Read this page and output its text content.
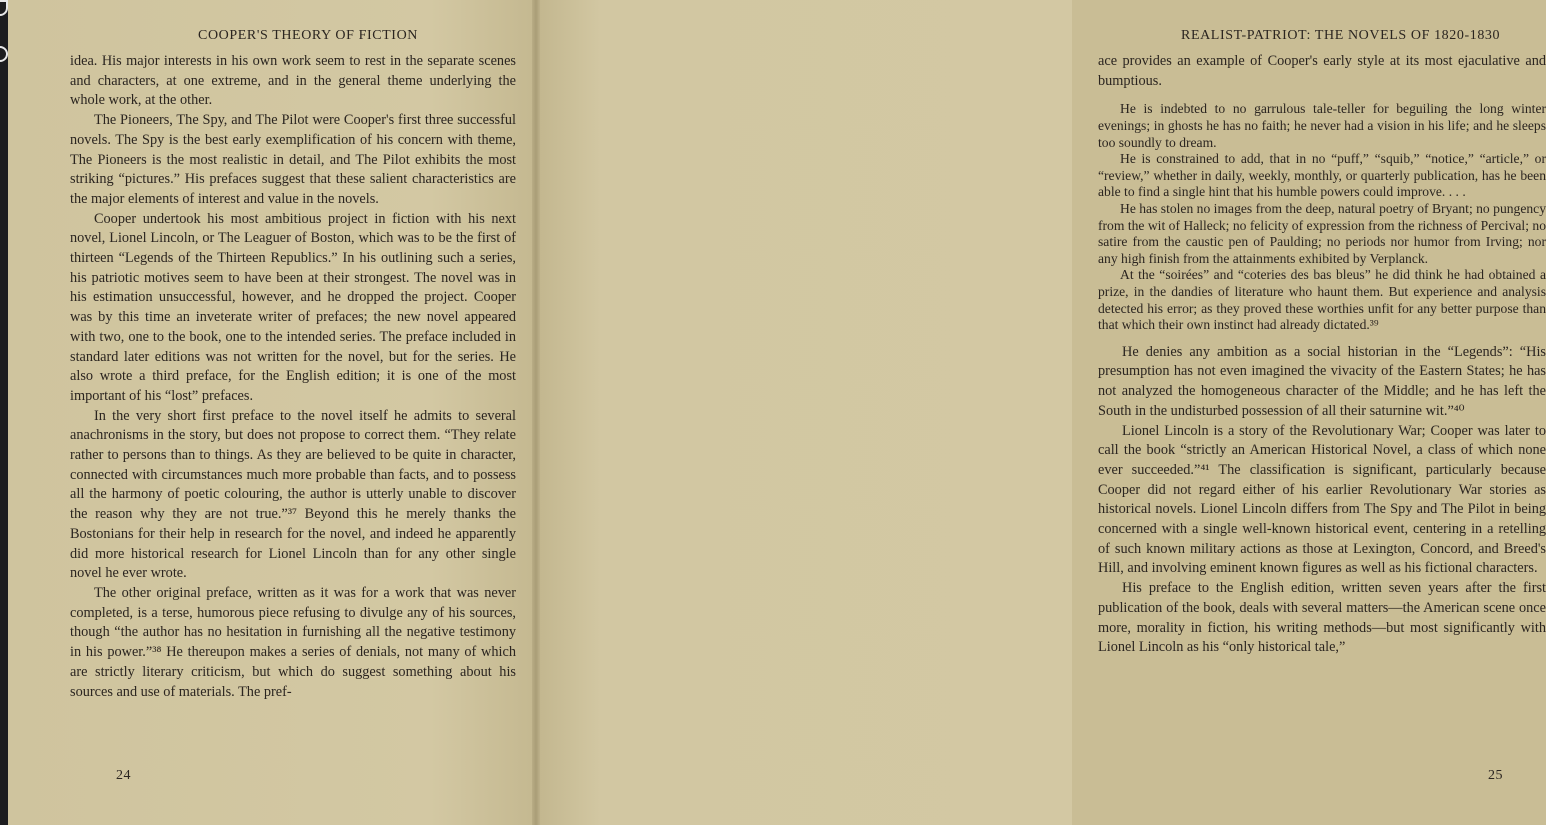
COOPER'S THEORY OF FICTION

idea. His major interests in his own work seem to rest in the separate scenes and characters, at one extreme, and in the general theme underlying the whole work, at the other.

The Pioneers, The Spy, and The Pilot were Cooper's first three successful novels. The Spy is the best early exemplification of his concern with theme, The Pioneers is the most realistic in detail, and The Pilot exhibits the most striking “pictures.” His prefaces suggest that these salient characteristics are the major elements of interest and value in the novels.

Cooper undertook his most ambitious project in fiction with his next novel, Lionel Lincoln, or The Leaguer of Boston, which was to be the first of thirteen “Legends of the Thirteen Republics.” In his outlining such a series, his patriotic motives seem to have been at their strongest. The novel was in his estimation unsuccessful, however, and he dropped the project. Cooper was by this time an inveterate writer of prefaces; the new novel appeared with two, one to the book, one to the intended series. The preface included in standard later editions was not written for the novel, but for the series. He also wrote a third preface, for the English edition; it is one of the most important of his “lost” prefaces.

In the very short first preface to the novel itself he admits to several anachronisms in the story, but does not propose to correct them. “They relate rather to persons than to things. As they are believed to be quite in character, connected with circumstances much more probable than facts, and to possess all the harmony of poetic colouring, the author is utterly unable to discover the reason why they are not true.”³⁷ Beyond this he merely thanks the Bostonians for their help in research for the novel, and indeed he apparently did more historical research for Lionel Lincoln than for any other single novel he ever wrote.

The other original preface, written as it was for a work that was never completed, is a terse, humorous piece refusing to divulge any of his sources, though “the author has no hesitation in furnishing all the negative testimony in his power.”³⁸ He thereupon makes a series of denials, not many of which are strictly literary criticism, but which do suggest something about his sources and use of materials. The pref-

24
REALIST-PATRIOT: THE NOVELS OF 1820-1830

ace provides an example of Cooper's early style at its most ejaculative and bumptious.

He is indebted to no garrulous tale-teller for beguiling the long winter evenings; in ghosts he has no faith; he never had a vision in his life; and he sleeps too soundly to dream.

He is constrained to add, that in no “puff,” “squib,” “notice,” “article,” or “review,” whether in daily, weekly, monthly, or quarterly publication, has he been able to find a single hint that his humble powers could improve. . . .

He has stolen no images from the deep, natural poetry of Bryant; no pungency from the wit of Halleck; no felicity of expression from the richness of Percival; no satire from the caustic pen of Paulding; no periods nor humor from Irving; nor any high finish from the attainments exhibited by Verplanck.

At the “soirées” and “coteries des bas bleus” he did think he had obtained a prize, in the dandies of literature who haunt them. But experience and analysis detected his error; as they proved these worthies unfit for any better purpose than that which their own instinct had already dictated.³⁹

He denies any ambition as a social historian in the “Legends”: “His presumption has not even imagined the vivacity of the Eastern States; he has not analyzed the homogeneous character of the Middle; and he has left the South in the undisturbed possession of all their saturnine wit.”⁴⁰

Lionel Lincoln is a story of the Revolutionary War; Cooper was later to call the book “strictly an American Historical Novel, a class of which none ever succeeded.”⁴¹ The classification is significant, particularly because Cooper did not regard either of his earlier Revolutionary War stories as historical novels. Lionel Lincoln differs from The Spy and The Pilot in being concerned with a single well-known historical event, centering in a retelling of such known military actions as those at Lexington, Concord, and Breed's Hill, and involving eminent known figures as well as his fictional characters.

His preface to the English edition, written seven years after the first publication of the book, deals with several matters—the American scene once more, morality in fiction, his writing methods—but most significantly with Lionel Lincoln as his “only historical tale,”

25
